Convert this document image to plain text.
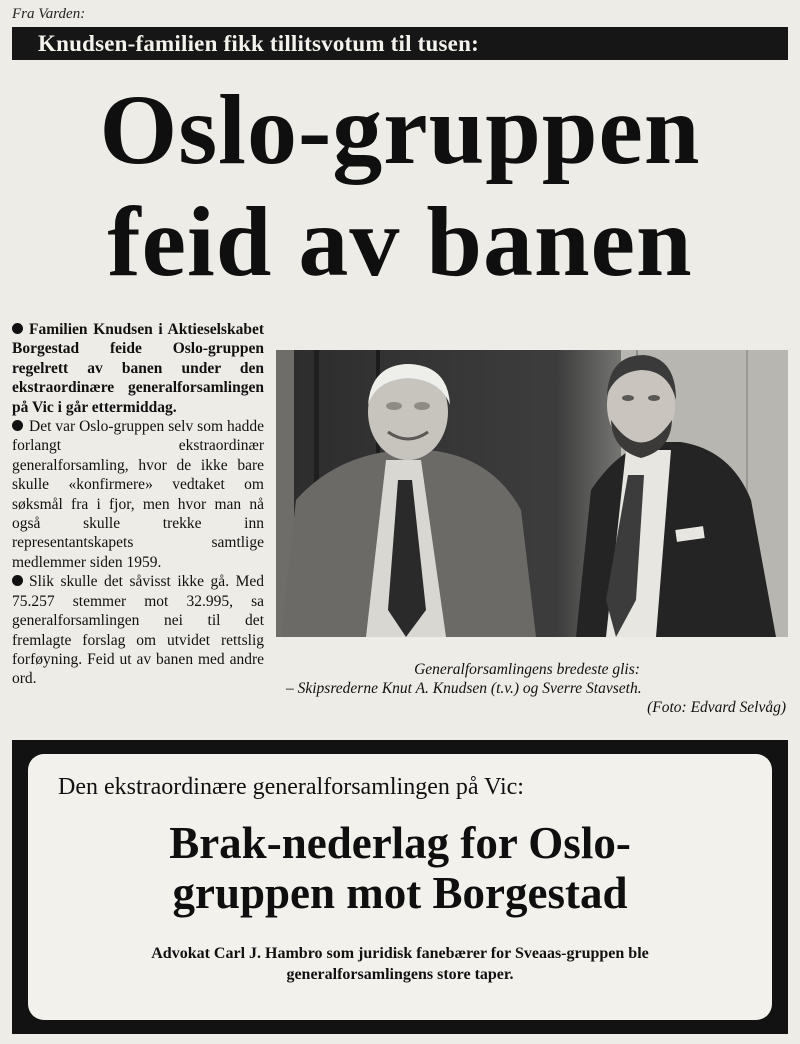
Fra Varden:
Knudsen-familien fikk tillitsvotum til tusen:
Oslo-gruppen
feid av banen

Familien Knudsen i Aktieselskabet Borgestad feide Oslo-gruppen regelrett av banen under den ekstraordinære generalforsamlingen på Vic i går ettermiddag.

Det var Oslo-gruppen selv som hadde forlangt ekstraordinær generalforsamling, hvor de ikke bare skulle «konfirmere» vedtaket om søksmål fra i fjor, men hvor man nå også skulle trekke inn representantskapets samtlige medlemmer siden 1959.

Slik skulle det såvisst ikke gå. Med 75.257 stemmer mot 32.995, sa generalforsamlingen nei til det fremlagte forslag om utvidet rettslig forføyning. Feid ut av banen med andre ord.

Generalforsamlingens bredeste glis:
– Skipsrederne Knut A. Knudsen (t.v.) og Sverre Stavseth.
(Foto: Edvard Selvåg)
Den ekstraordinære generalforsamlingen på Vic:
Brak-nederlag for Oslo-
gruppen mot Borgestad
Advokat Carl J. Hambro som juridisk fanebærer for Sveaas-gruppen ble
generalforsamlingens store taper.
